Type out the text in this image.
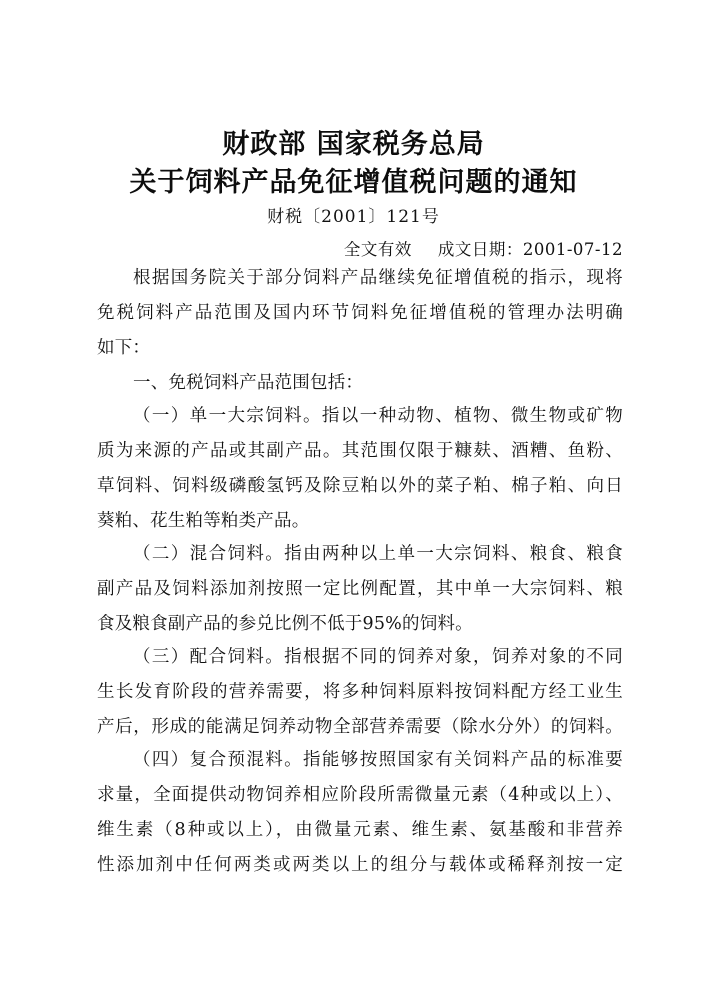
财政部 国家税务总局
关于饲料产品免征增值税问题的通知
财税〔2001〕121号
全文有效 成文日期：2001-07-12
根据国务院关于部分饲料产品继续免征增值税的指示，现将
免税饲料产品范围及国内环节饲料免征增值税的管理办法明确
如下：
一、免税饲料产品范围包括：
（一）单一大宗饲料。指以一种动物、植物、微生物或矿物
质为来源的产品或其副产品。其范围仅限于糠麸、酒糟、鱼粉、
草饲料、饲料级磷酸氢钙及除豆粕以外的菜子粕、棉子粕、向日
葵粕、花生粕等粕类产品。
（二）混合饲料。指由两种以上单一大宗饲料、粮食、粮食
副产品及饲料添加剂按照一定比例配置，其中单一大宗饲料、粮
食及粮食副产品的参兑比例不低于95%的饲料。
（三）配合饲料。指根据不同的饲养对象，饲养对象的不同
生长发育阶段的营养需要，将多种饲料原料按饲料配方经工业生
产后，形成的能满足饲养动物全部营养需要（除水分外）的饲料。
（四）复合预混料。指能够按照国家有关饲料产品的标准要
求量，全面提供动物饲养相应阶段所需微量元素（4种或以上）、
维生素（8种或以上），由微量元素、维生素、氨基酸和非营养
性添加剂中任何两类或两类以上的组分与载体或稀释剂按一定
